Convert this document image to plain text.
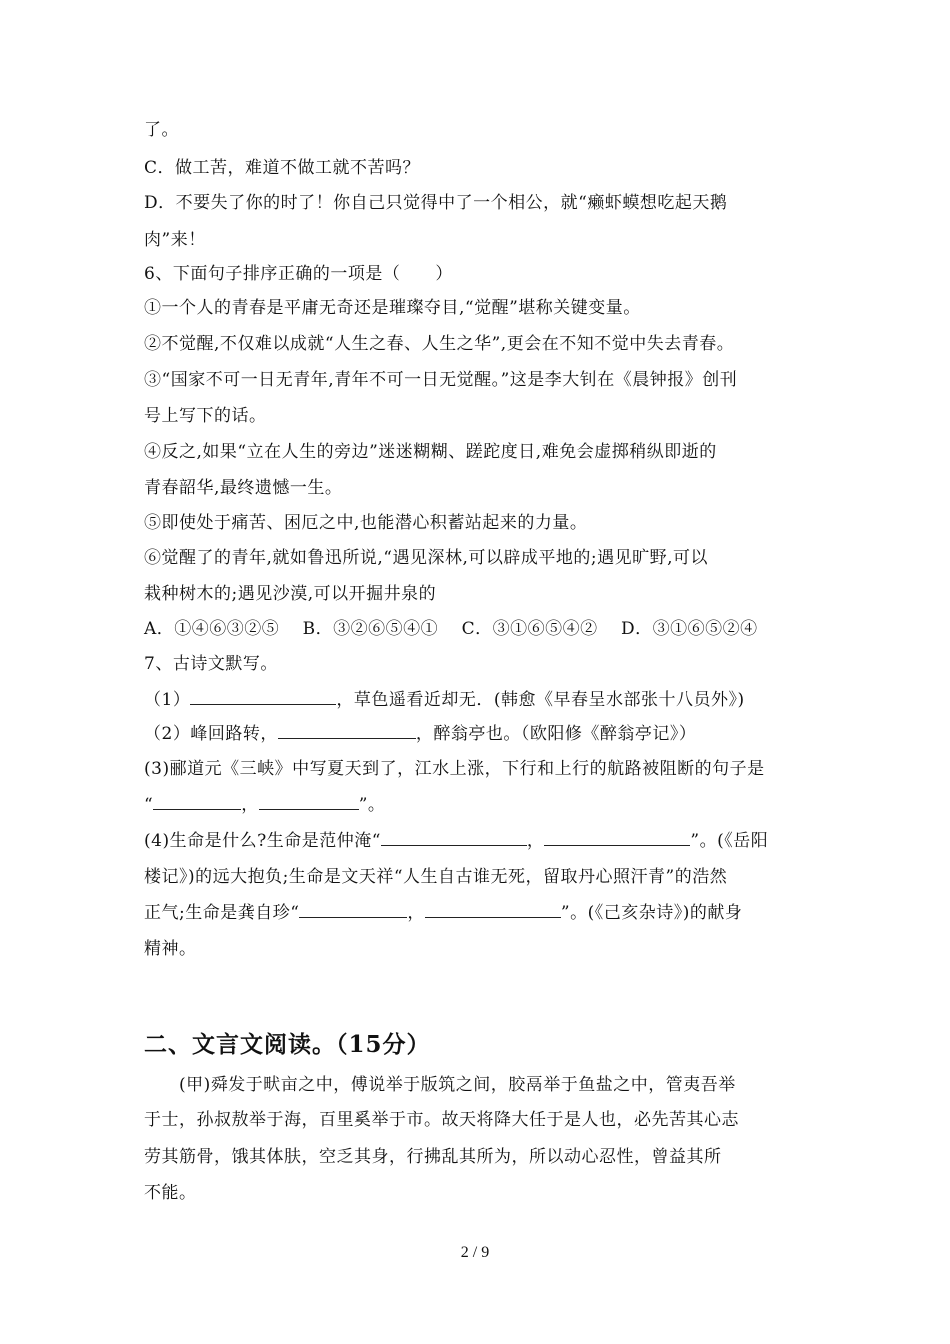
了。
C．做工苦，难道不做工就不苦吗？
D．不要失了你的时了！你自己只觉得中了一个相公，就“癞虾蟆想吃起天鹅
肉”来！
6、下面句子排序正确的一项是（　　）
①一个人的青春是平庸无奇还是璀璨夺目,“觉醒”堪称关键变量。
②不觉醒,不仅难以成就“人生之春、人生之华”,更会在不知不觉中失去青春。
③“国家不可一日无青年,青年不可一日无觉醒。”这是李大钊在《晨钟报》创刊
号上写下的话。
④反之,如果“立在人生的旁边”迷迷糊糊、蹉跎度日,难免会虚掷稍纵即逝的
青春韶华,最终遗憾一生。
⑤即使处于痛苦、困厄之中,也能潜心积蓄站起来的力量。
⑥觉醒了的青年,就如鲁迅所说,“遇见深林,可以辟成平地的;遇见旷野,可以
栽种树木的;遇见沙漠,可以开掘井泉的
A．①④⑥③②⑤　 B．③②⑥⑤④①　 C．③①⑥⑤④②　 D．③①⑥⑤②④
7、古诗文默写。
（1）	，草色遥看近却无．(韩愈《早春呈水部张十八员外》)
（2）峰回路转，	，醉翁亭也。（欧阳修《醉翁亭记》）
(3)郦道元《三峡》中写夏天到了，江水上涨，下行和上行的航路被阻断的句子是
“	，	”。
(4)生命是什么?生命是范仲淹“	，	”。(《岳阳
楼记》)的远大抱负;生命是文天祥“人生自古谁无死，留取丹心照汗青”的浩然
正气;生命是龚自珍“	，	”。(《己亥杂诗》)的献身
精神。
二、文言文阅读。（15分）
　　(甲)舜发于畎亩之中，傅说举于版筑之间，胶鬲举于鱼盐之中，管夷吾举
于士，孙叔敖举于海，百里奚举于市。故天将降大任于是人也，必先苦其心志
劳其筋骨，饿其体肤，空乏其身，行拂乱其所为，所以动心忍性，曾益其所
不能。
2 / 9
